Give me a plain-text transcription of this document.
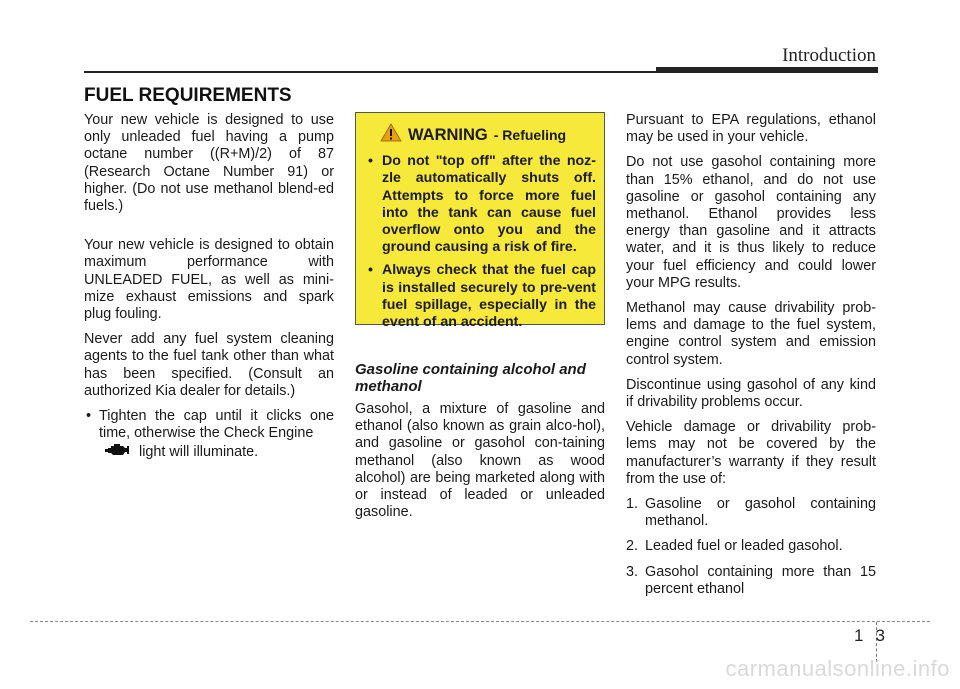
Introduction
FUEL REQUIREMENTS

Your new vehicle is designed to use only unleaded fuel having a pump octane number ((R+M)/2) of 87 (Research Octane Number 91) or higher. (Do not use methanol blend-ed fuels.)

Your new vehicle is designed to obtain maximum performance with UNLEADED FUEL, as well as mini-mize exhaust emissions and spark plug fouling.

Never add any fuel system cleaning agents to the fuel tank other than what has been specified. (Consult an authorized Kia dealer for details.)

• Tighten the cap until it clicks one time, otherwise the Check Engine
light will illuminate.
WARNING - Refueling
• Do not "top off" after the noz-zle automatically shuts off. Attempts to force more fuel into the tank can cause fuel overflow onto you and the ground causing a risk of fire.
• Always check that the fuel cap is installed securely to pre-vent fuel spillage, especially in the event of an accident.
Gasoline containing alcohol and methanol

Gasohol, a mixture of gasoline and ethanol (also known as grain alco-hol), and gasoline or gasohol con-taining methanol (also known as wood alcohol) are being marketed along with or instead of leaded or unleaded gasoline.

Pursuant to EPA regulations, ethanol may be used in your vehicle.

Do not use gasohol containing more than 15% ethanol, and do not use gasoline or gasohol containing any methanol. Ethanol provides less energy than gasoline and it attracts water, and it is thus likely to reduce your fuel efficiency and could lower your MPG results.

Methanol may cause drivability prob-lems and damage to the fuel system, engine control system and emission control system.

Discontinue using gasohol of any kind if drivability problems occur.

Vehicle damage or drivability prob-lems may not be covered by the manufacturer’s warranty if they result from the use of:

1. Gasoline or gasohol containing methanol.
2. Leaded fuel or leaded gasohol.
3. Gasohol containing more than 15 percent ethanol
1 3
carmanualsonline.info
